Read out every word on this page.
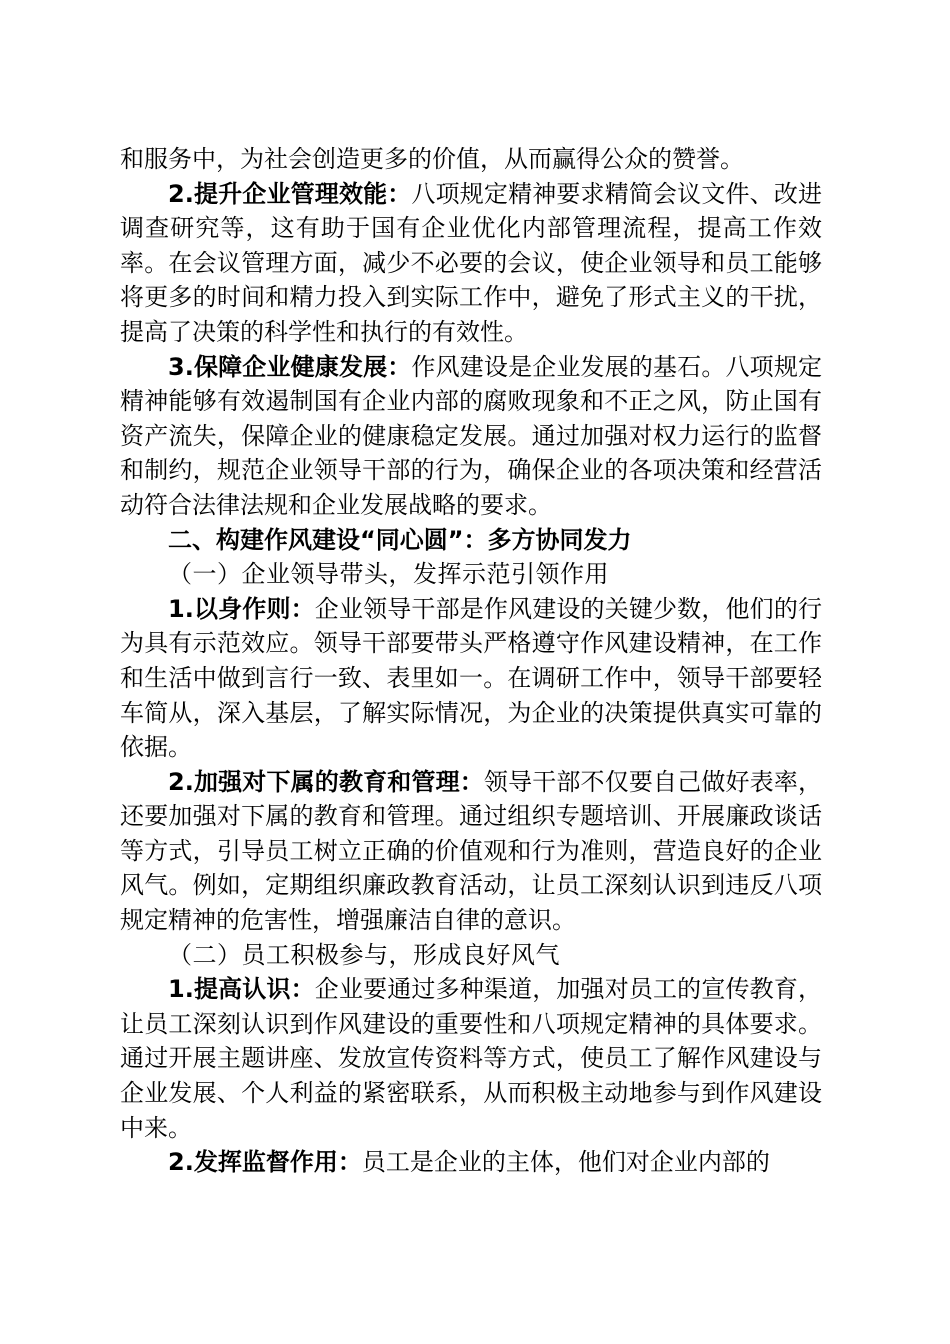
和服务中，为社会创造更多的价值，从而赢得公众的赞誉。

2.提升企业管理效能：八项规定精神要求精简会议文件、改进调查研究等，这有助于国有企业优化内部管理流程，提高工作效率。在会议管理方面，减少不必要的会议，使企业领导和员工能够将更多的时间和精力投入到实际工作中，避免了形式主义的干扰，提高了决策的科学性和执行的有效性。

3.保障企业健康发展：作风建设是企业发展的基石。八项规定精神能够有效遏制国有企业内部的腐败现象和不正之风，防止国有资产流失，保障企业的健康稳定发展。通过加强对权力运行的监督和制约，规范企业领导干部的行为，确保企业的各项决策和经营活动符合法律法规和企业发展战略的要求。

二、构建作风建设“同心圆”：多方协同发力

（一）企业领导带头，发挥示范引领作用

1.以身作则：企业领导干部是作风建设的关键少数，他们的行为具有示范效应。领导干部要带头严格遵守作风建设精神，在工作和生活中做到言行一致、表里如一。在调研工作中，领导干部要轻车简从，深入基层，了解实际情况，为企业的决策提供真实可靠的依据。

2.加强对下属的教育和管理：领导干部不仅要自己做好表率，还要加强对下属的教育和管理。通过组织专题培训、开展廉政谈话等方式，引导员工树立正确的价值观和行为准则，营造良好的企业风气。例如，定期组织廉政教育活动，让员工深刻认识到违反八项规定精神的危害性，增强廉洁自律的意识。

（二）员工积极参与，形成良好风气

1.提高认识：企业要通过多种渠道，加强对员工的宣传教育，让员工深刻认识到作风建设的重要性和八项规定精神的具体要求。通过开展主题讲座、发放宣传资料等方式，使员工了解作风建设与企业发展、个人利益的紧密联系，从而积极主动地参与到作风建设中来。

2.发挥监督作用：员工是企业的主体，他们对企业内部的
